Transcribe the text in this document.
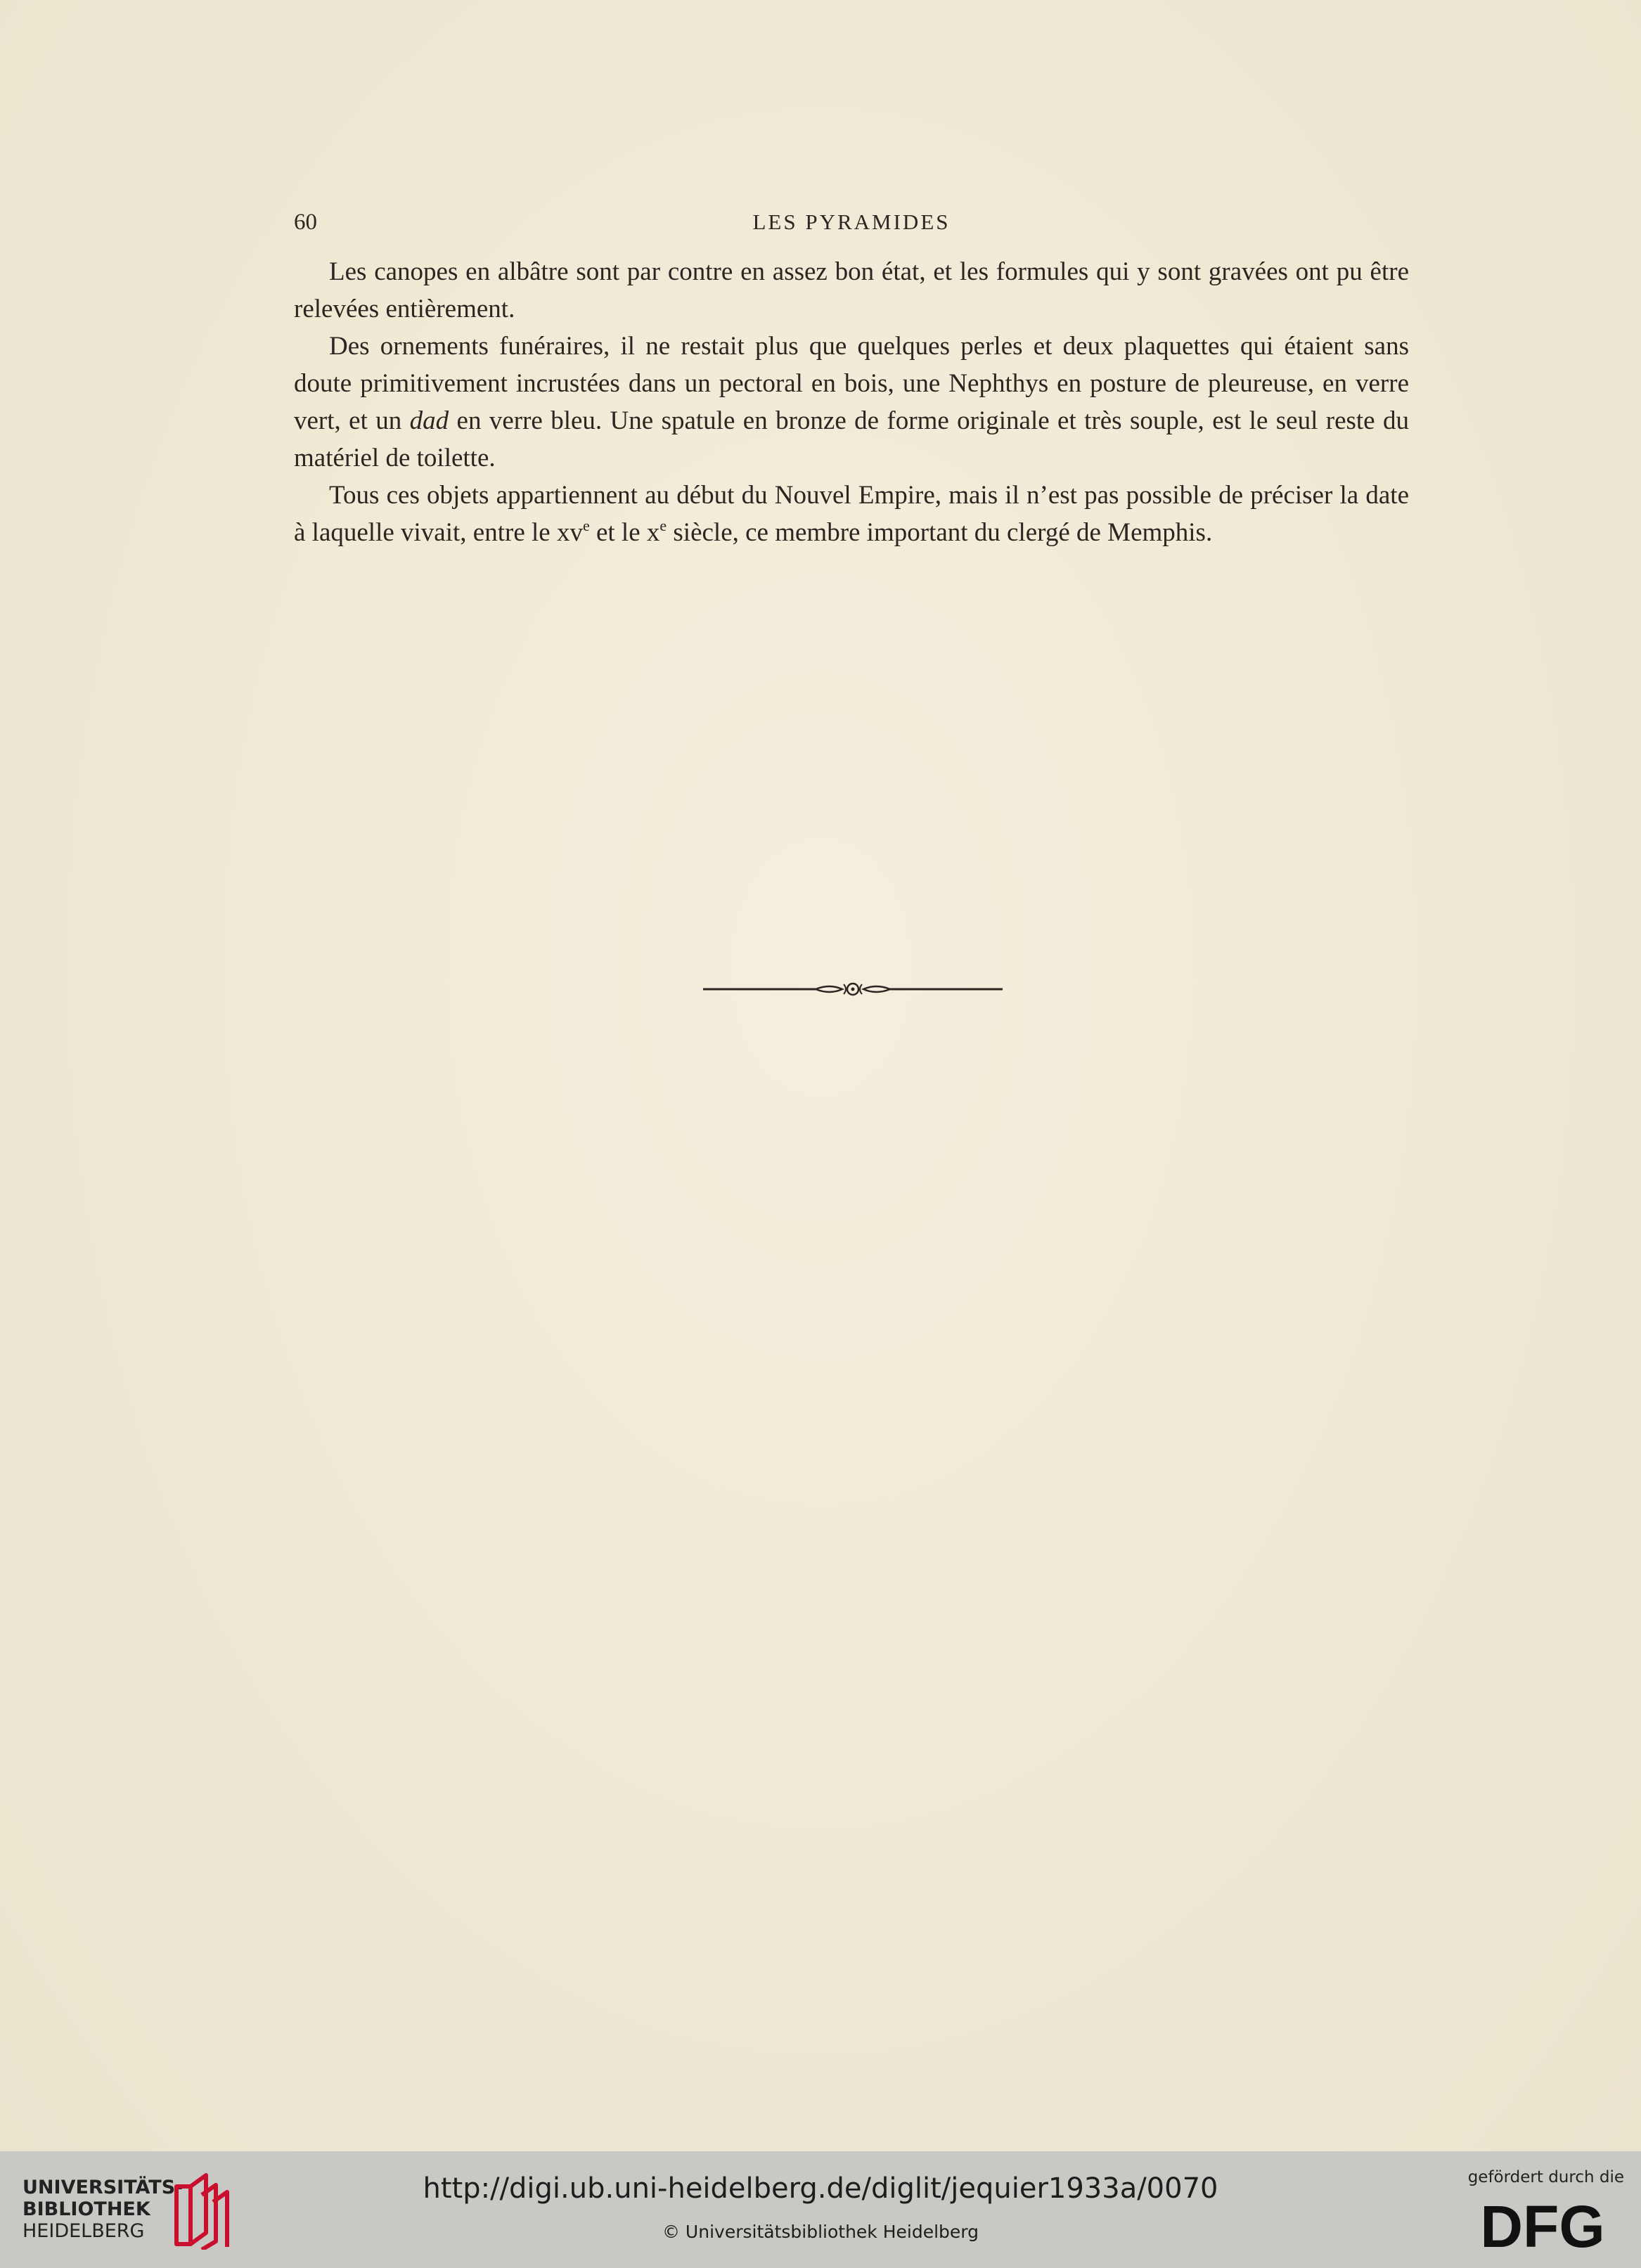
60	LES PYRAMIDES

Les canopes en albâtre sont par contre en assez bon état, et les formules qui y sont gravées ont pu être relevées entièrement.

Des ornements funéraires, il ne restait plus que quelques perles et deux plaquettes qui étaient sans doute primitivement incrustées dans un pectoral en bois, une Nephthys en posture de pleureuse, en verre vert, et un dad en verre bleu. Une spatule en bronze de forme originale et très souple, est le seul reste du matériel de toilette.

Tous ces objets appartiennent au début du Nouvel Empire, mais il n’est pas possible de préciser la date à laquelle vivait, entre le $xv^e$ et le $x^e$ siècle, ce membre important du clergé de Memphis.

UNIVERSITÄTS-
BIBLIOTHEK
HEIDELBERG
http://digi.ub.uni-heidelberg.de/diglit/jequier1933a/0070
© Universitätsbibliothek Heidelberg
gefördert durch die
DFG
